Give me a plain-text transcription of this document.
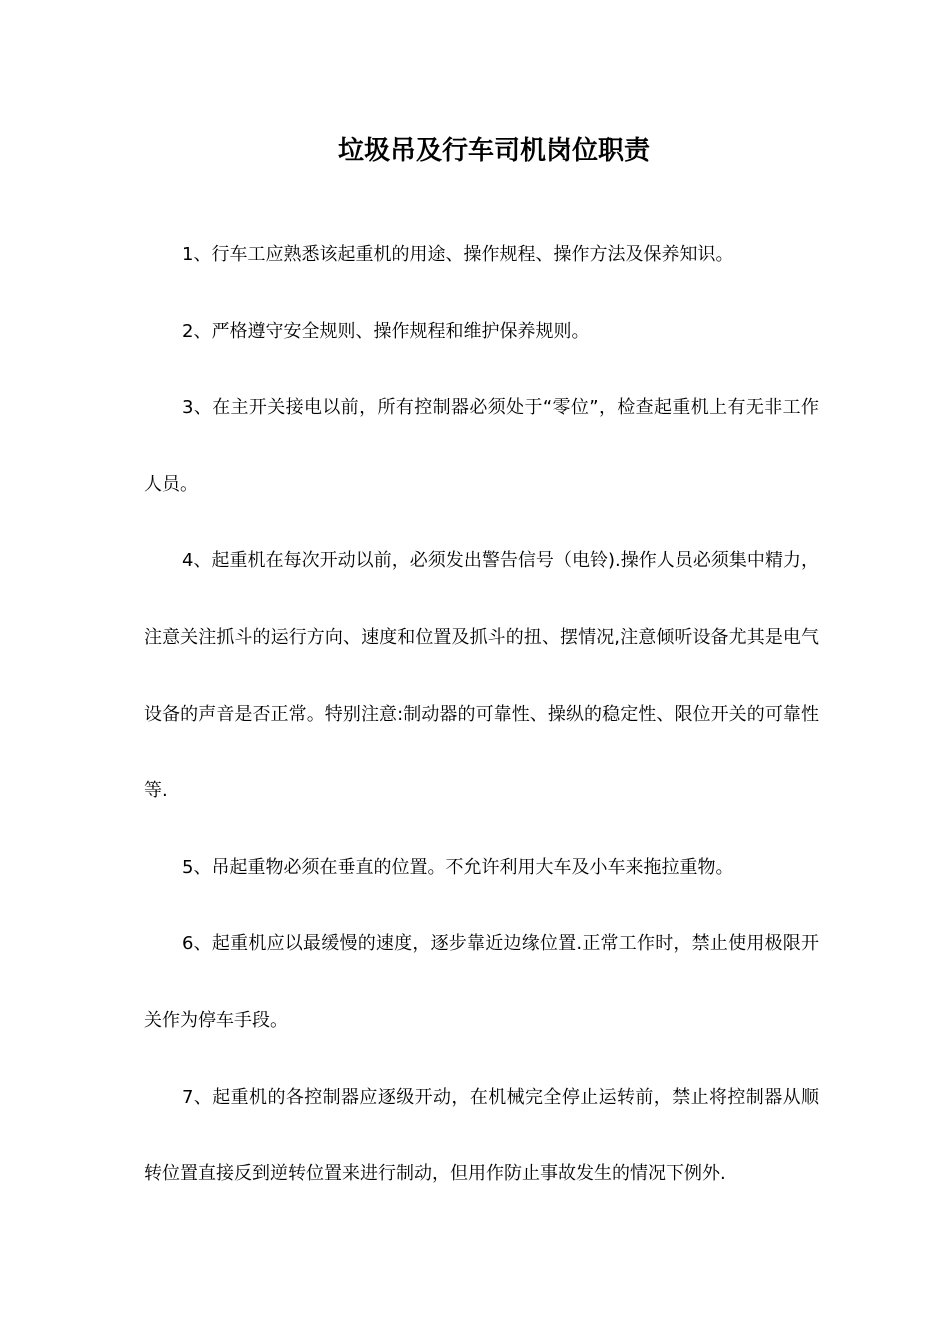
垃圾吊及行车司机岗位职责

1、行车工应熟悉该起重机的用途、操作规程、操作方法及保养知识。

2、严格遵守安全规则、操作规程和维护保养规则。

3、在主开关接电以前，所有控制器必须处于“零位”，检查起重机上有无非工作人员。

4、起重机在每次开动以前，必须发出警告信号（电铃).操作人员必须集中精力，注意关注抓斗的运行方向、速度和位置及抓斗的扭、摆情况,注意倾听设备尤其是电气设备的声音是否正常。特别注意:制动器的可靠性、操纵的稳定性、限位开关的可靠性等.

5、吊起重物必须在垂直的位置。不允许利用大车及小车来拖拉重物。

6、起重机应以最缓慢的速度，逐步靠近边缘位置.正常工作时，禁止使用极限开关作为停车手段。

7、起重机的各控制器应逐级开动，在机械完全停止运转前，禁止将控制器从顺转位置直接反到逆转位置来进行制动，但用作防止事故发生的情况下例外.
